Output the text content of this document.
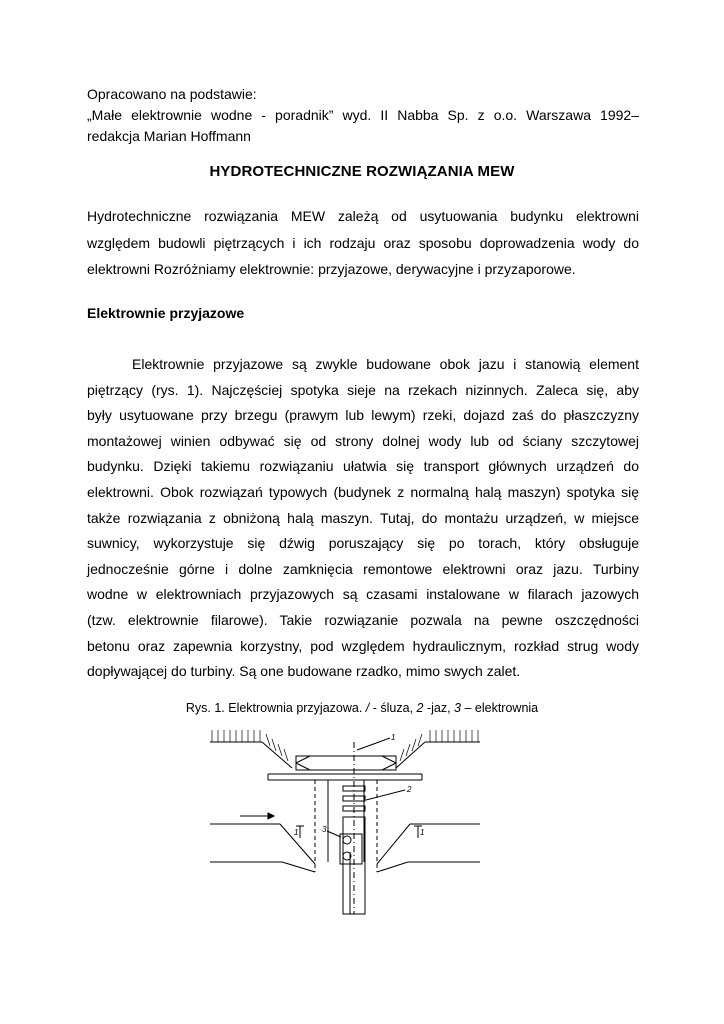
Opracowano na podstawie:
„Małe elektrownie wodne - poradnik” wyd. II Nabba Sp. z o.o. Warszawa 1992–
redakcja Marian Hoffmann
HYDROTECHNICZNE ROZWIĄZANIA MEW
Hydrotechniczne rozwiązania MEW zależą od usytuowania budynku elektrowni
względem budowli piętrzących i ich rodzaju oraz sposobu doprowadzenia wody do
elektrowni Rozróżniamy elektrownie: przyjazowe, derywacyjne i przyzaporowe.
Elektrownie przyjazowe
Elektrownie przyjazowe są zwykle budowane obok jazu i stanowią element
piętrzący (rys. 1). Najczęściej spotyka sieje na rzekach nizinnych. Zaleca się, aby
były usytuowane przy brzegu (prawym lub lewym) rzeki, dojazd zaś do płaszczyzny
montażowej winien odbywać się od strony dolnej wody lub od ściany szczytowej
budynku. Dzięki takiemu rozwiązaniu ułatwia się transport głównych urządzeń do
elektrowni. Obok rozwiązań typowych (budynek z normalną halą maszyn) spotyka się
także rozwiązania z obniżoną halą maszyn. Tutaj, do montażu urządzeń, w miejsce
suwnicy, wykorzystuje się dźwig poruszający się po torach, który obsługuje
jednocześnie górne i dolne zamknięcia remontowe elektrowni oraz jazu. Turbiny
wodne w elektrowniach przyjazowych są czasami instalowane w filarach jazowych
(tzw. elektrownie filarowe). Takie rozwiązanie pozwala na pewne oszczędności
betonu oraz zapewnia korzystny, pod względem hydraulicznym, rozkład strug wody
dopływającej do turbiny. Są one budowane rzadko, mimo swych zalet.
Rys. 1. Elektrownia przyjazowa. / - śluza, 2 -jaz, 3 – elektrownia
1
2
3
1	1
